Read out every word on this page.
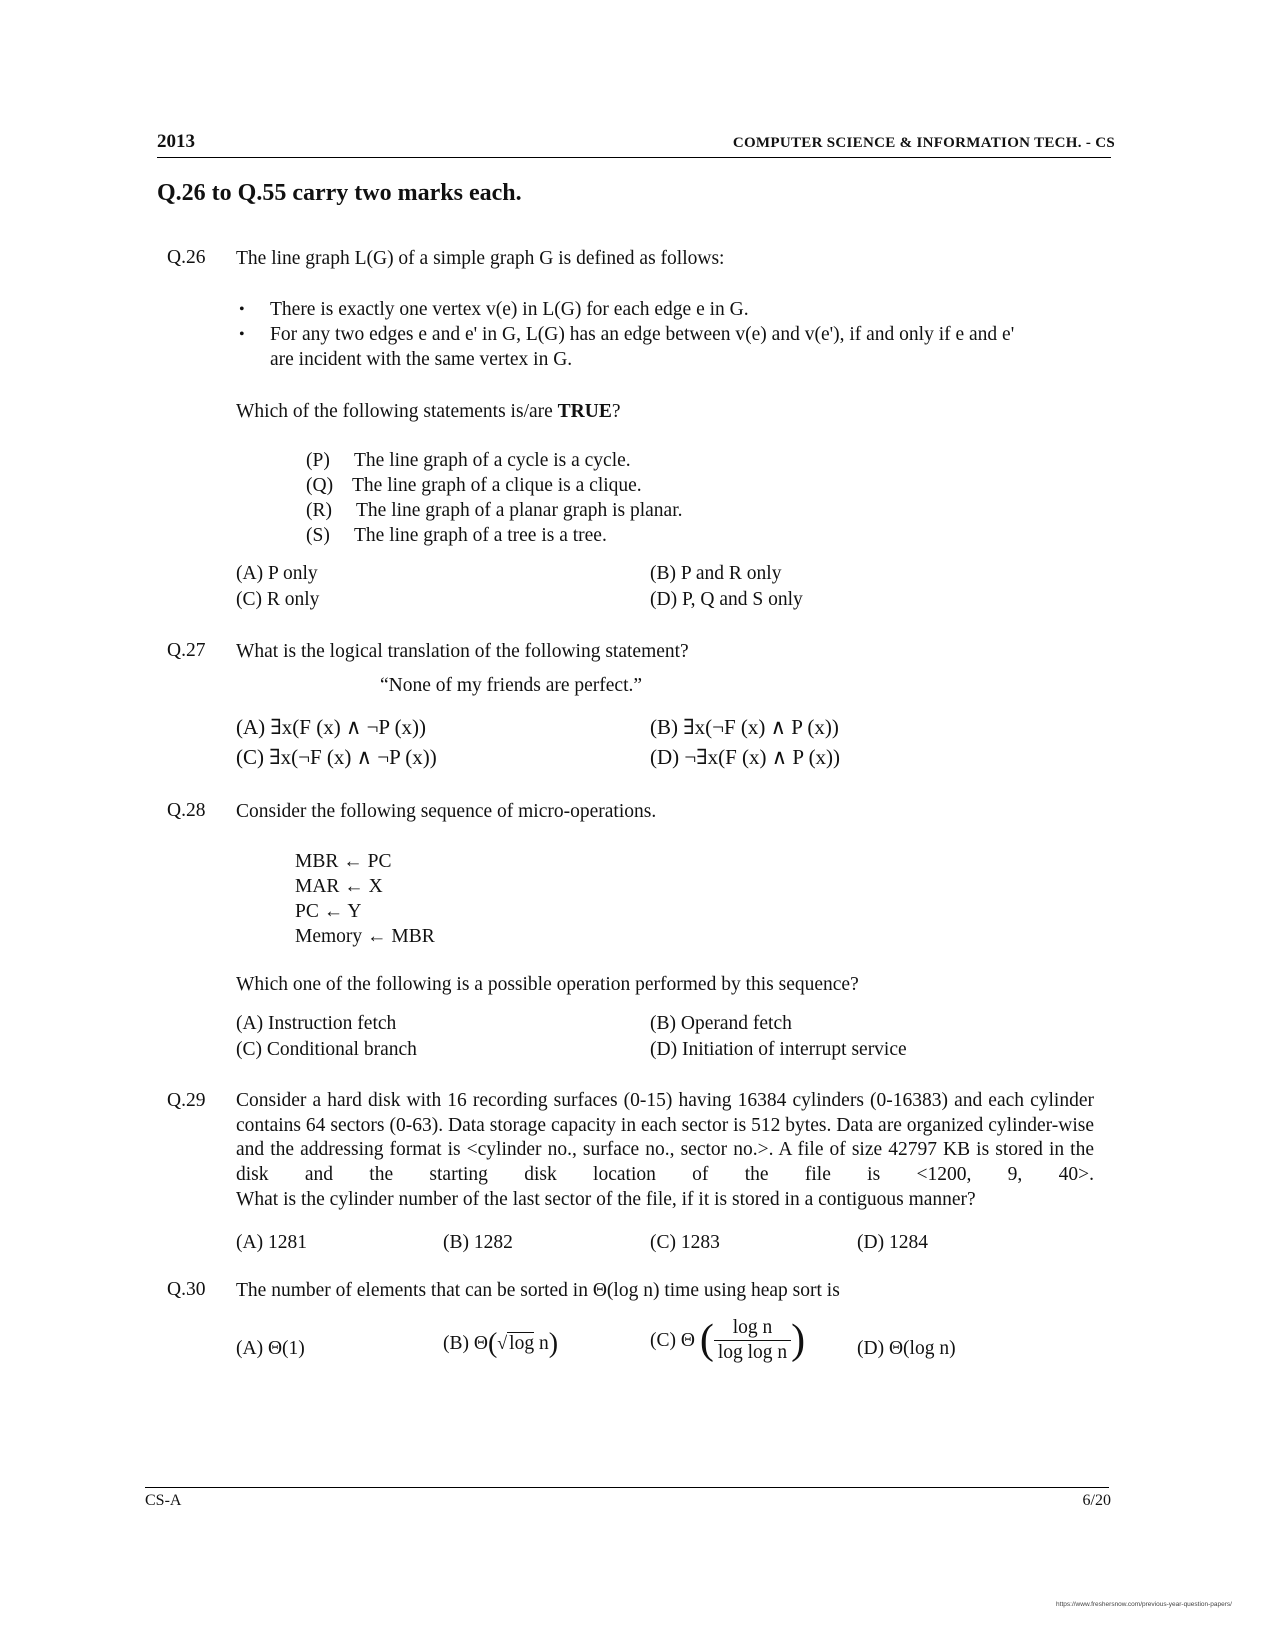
2013	COMPUTER SCIENCE & INFORMATION TECH. - CS
Q.26 to Q.55 carry two marks each.
Q.26 The line graph L(G) of a simple graph G is defined as follows:
• There is exactly one vertex v(e) in L(G) for each edge e in G.
• For any two edges e and e' in G, L(G) has an edge between v(e) and v(e'), if and only if e and e'
are incident with the same vertex in G.
Which of the following statements is/are TRUE?
(P) The line graph of a cycle is a cycle.
(Q) The line graph of a clique is a clique.
(R) The line graph of a planar graph is planar.
(S) The line graph of a tree is a tree.
(A) P only	(B) P and R only
(C) R only	(D) P, Q and S only
Q.27 What is the logical translation of the following statement?
“None of my friends are perfect.”
(A) ∃x(F (x) ∧ ¬P (x))	(B) ∃x(¬F (x) ∧ P (x))
(C) ∃x(¬F (x) ∧ ¬P (x))	(D) ¬∃x(F (x) ∧ P (x))
Q.28 Consider the following sequence of micro-operations.
MBR ← PC
MAR ← X
PC ← Y
Memory ← MBR
Which one of the following is a possible operation performed by this sequence?
(A) Instruction fetch	(B) Operand fetch
(C) Conditional branch	(D) Initiation of interrupt service
Q.29 Consider a hard disk with 16 recording surfaces (0-15) having 16384 cylinders (0-16383) and each cylinder contains 64 sectors (0-63). Data storage capacity in each sector is 512 bytes. Data are organized cylinder-wise and the addressing format is <cylinder no., surface no., sector no.>. A file of size 42797 KB is stored in the disk and the starting disk location of the file is <1200, 9, 40>.
What is the cylinder number of the last sector of the file, if it is stored in a contiguous manner?
(A) 1281	(B) 1282	(C) 1283	(D) 1284
Q.30 The number of elements that can be sorted in Θ(log n) time using heap sort is
(A) Θ(1)	(B) Θ(√ log n)	(C) Θ ( $\frac{\text{log n}}{\text{log log n}}$ )	(D) Θ(log n)
CS-A	6/20
https://www.freshersnow.com/previous-year-question-papers/
